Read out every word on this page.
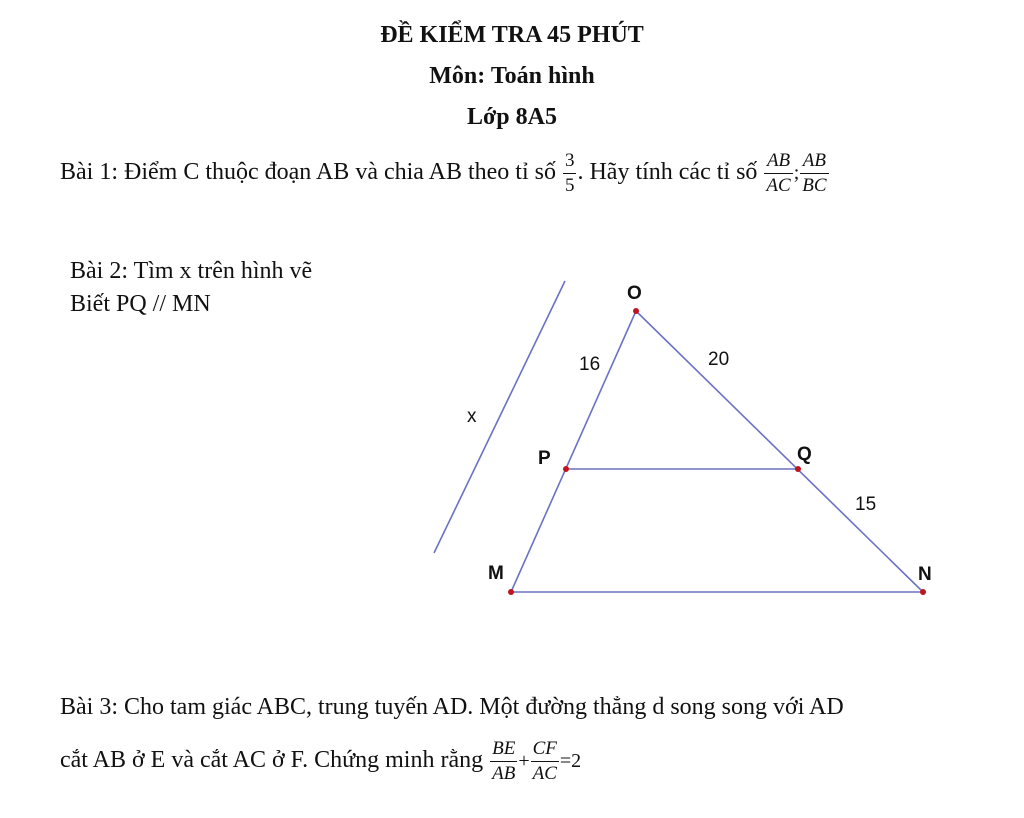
ĐỀ KIỂM TRA 45 PHÚT
Môn: Toán hình
Lớp 8A5
Bài 1: Điểm C thuộc đoạn AB và chia AB theo tỉ số $\frac{3}{5}$ . Hãy tính các tỉ số $\frac{AB}{AC}$ ; $\frac{AB}{BC}$
Bài 2: Tìm x trên hình vẽ
Biết PQ // MN	O
P	Q
M	N
16	20
15
x
Bài 3: Cho tam giác ABC, trung tuyến AD. Một đường thẳng d song song với AD
cắt AB ở E và cắt AC ở F. Chứng minh rằng $\frac{BE}{AB} + \frac{CF}{AC} =2$
